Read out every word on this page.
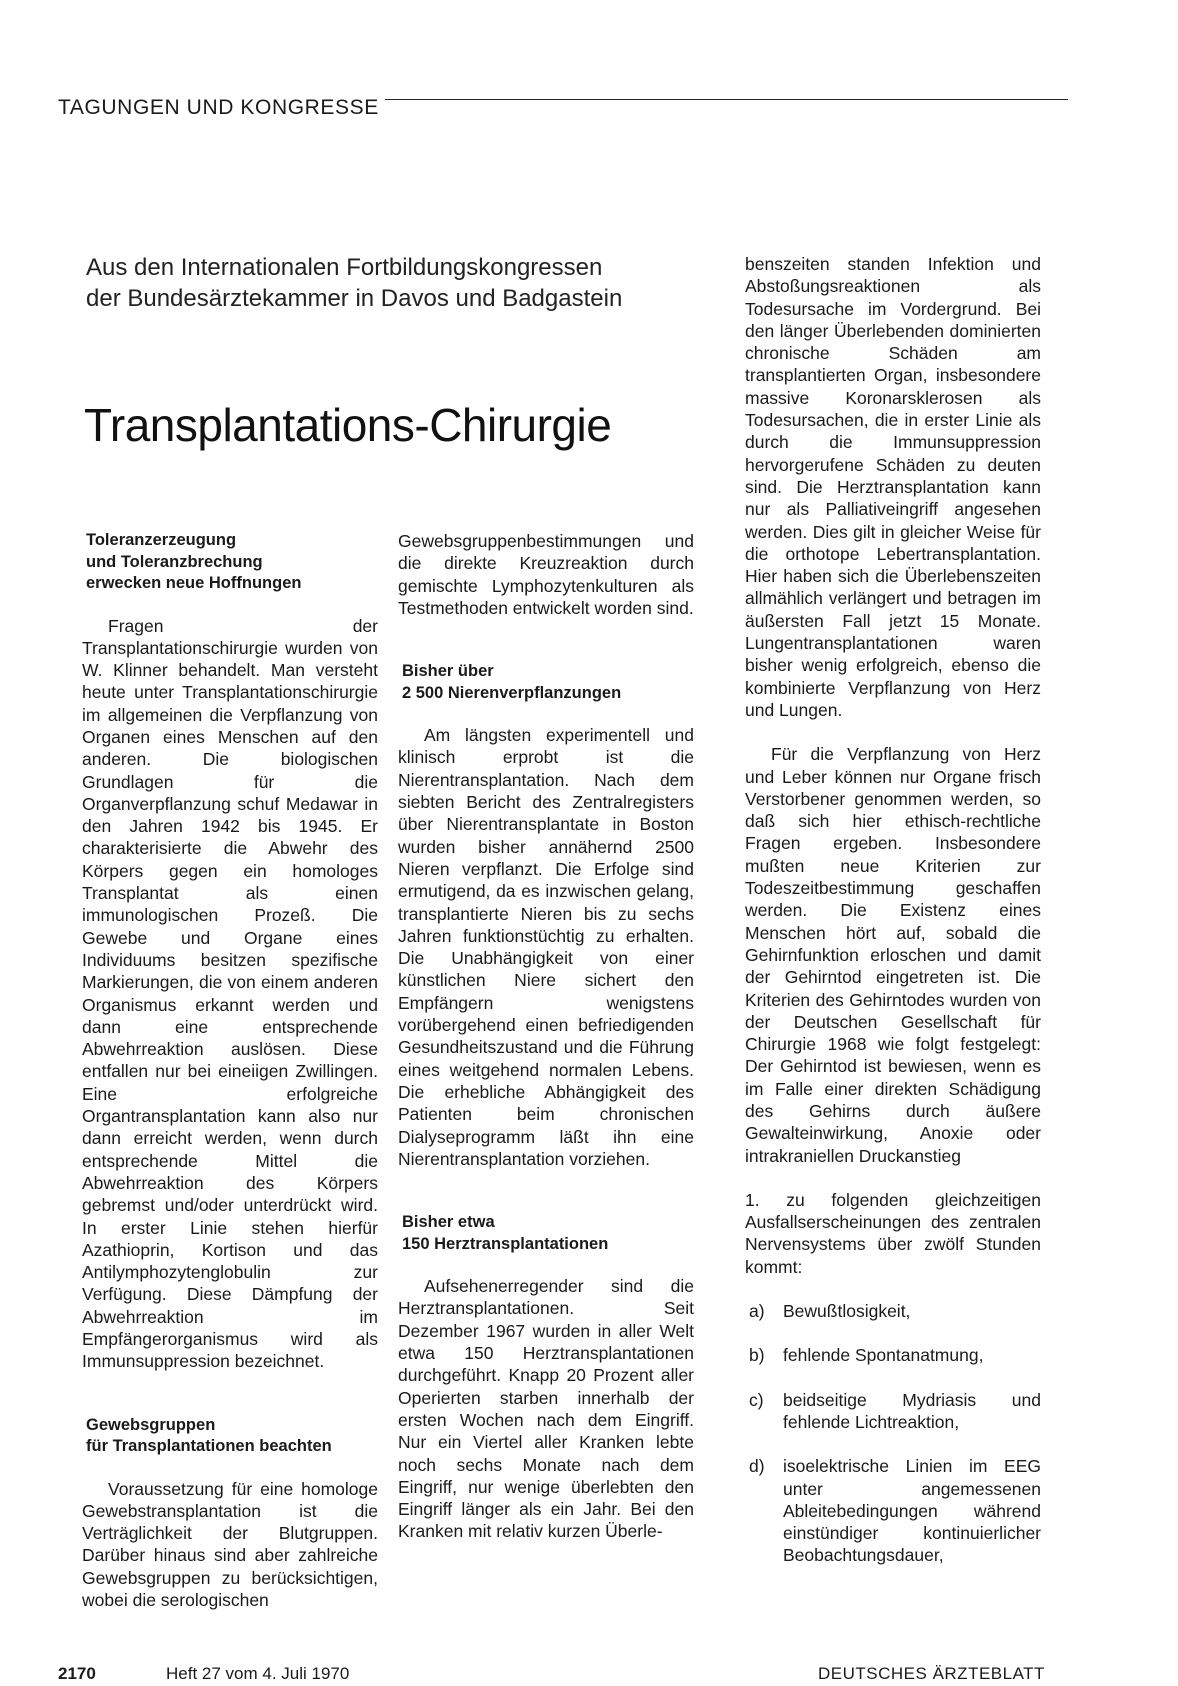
TAGUNGEN UND KONGRESSE
Aus den Internationalen Fortbildungskongressen
der Bundesärztekammer in Davos und Badgastein
Transplantations-Chirurgie
Toleranzerzeugung
und Toleranzbrechung
erwecken neue Hoffnungen

Fragen der Transplantationschirurgie wurden von W. Klinner behandelt. Man versteht heute unter Transplantationschirurgie im allgemeinen die Verpflanzung von Organen eines Menschen auf den anderen. Die biologischen Grundlagen für die Organverpflanzung schuf Medawar in den Jahren 1942 bis 1945. Er charakterisierte die Abwehr des Körpers gegen ein homologes Transplantat als einen immunologischen Prozeß. Die Gewebe und Organe eines Individuums besitzen spezifische Markierungen, die von einem anderen Organismus erkannt werden und dann eine entsprechende Abwehrreaktion auslösen. Diese entfallen nur bei eineiigen Zwillingen. Eine erfolgreiche Organtransplantation kann also nur dann erreicht werden, wenn durch entsprechende Mittel die Abwehrreaktion des Körpers gebremst und/oder unterdrückt wird. In erster Linie stehen hierfür Azathioprin, Kortison und das Antilymphozytenglobulin zur Verfügung. Diese Dämpfung der Abwehrreaktion im Empfängerorganismus wird als Immunsuppression bezeichnet.

Gewebsgruppen
für Transplantationen beachten

Voraussetzung für eine homologe Gewebstransplantation ist die Verträglichkeit der Blutgruppen. Darüber hinaus sind aber zahlreiche Gewebsgruppen zu berücksichtigen, wobei die serologischen

Gewebsgruppenbestimmungen und die direkte Kreuzreaktion durch gemischte Lymphozytenkulturen als Testmethoden entwickelt worden sind.

Bisher über
2 500 Nierenverpflanzungen

Am längsten experimentell und klinisch erprobt ist die Nierentransplantation. Nach dem siebten Bericht des Zentralregisters über Nierentransplantate in Boston wurden bisher annähernd 2500 Nieren verpflanzt. Die Erfolge sind ermutigend, da es inzwischen gelang, transplantierte Nieren bis zu sechs Jahren funktionstüchtig zu erhalten. Die Unabhängigkeit von einer künstlichen Niere sichert den Empfängern wenigstens vorübergehend einen befriedigenden Gesundheitszustand und die Führung eines weitgehend normalen Lebens. Die erhebliche Abhängigkeit des Patienten beim chronischen Dialyseprogramm läßt ihn eine Nierentransplantation vorziehen.

Bisher etwa
150 Herztransplantationen

Aufsehenerregender sind die Herztransplantationen. Seit Dezember 1967 wurden in aller Welt etwa 150 Herztransplantationen durchgeführt. Knapp 20 Prozent aller Operierten starben innerhalb der ersten Wochen nach dem Eingriff. Nur ein Viertel aller Kranken lebte noch sechs Monate nach dem Eingriff, nur wenige überlebten den Eingriff länger als ein Jahr. Bei den Kranken mit relativ kurzen Überle-

benszeiten standen Infektion und Abstoßungsreaktionen als Todesursache im Vordergrund. Bei den länger Überlebenden dominierten chronische Schäden am transplantierten Organ, insbesondere massive Koronarsklerosen als Todesursachen, die in erster Linie als durch die Immunsuppression hervorgerufene Schäden zu deuten sind. Die Herztransplantation kann nur als Palliativeingriff angesehen werden. Dies gilt in gleicher Weise für die orthotope Lebertransplantation. Hier haben sich die Überlebenszeiten allmählich verlängert und betragen im äußersten Fall jetzt 15 Monate. Lungentransplantationen waren bisher wenig erfolgreich, ebenso die kombinierte Verpflanzung von Herz und Lungen.

Für die Verpflanzung von Herz und Leber können nur Organe frisch Verstorbener genommen werden, so daß sich hier ethisch-rechtliche Fragen ergeben. Insbesondere mußten neue Kriterien zur Todeszeitbestimmung geschaffen werden. Die Existenz eines Menschen hört auf, sobald die Gehirnfunktion erloschen und damit der Gehirntod eingetreten ist. Die Kriterien des Gehirntodes wurden von der Deutschen Gesellschaft für Chirurgie 1968 wie folgt festgelegt: Der Gehirntod ist bewiesen, wenn es im Falle einer direkten Schädigung des Gehirns durch äußere Gewalteinwirkung, Anoxie oder intrakraniellen Druckanstieg

1. zu folgenden gleichzeitigen Ausfallserscheinungen des zentralen Nervensystems über zwölf Stunden kommt:

a)	Bewußtlosigkeit,
b)	fehlende Spontanatmung,
c)	beidseitige Mydriasis und fehlende Lichtreaktion,
d)	isoelektrische Linien im EEG unter angemessenen Ableitebedingungen während einstündiger kontinuierlicher Beobachtungsdauer,
2170	Heft 27 vom 4. Juli 1970	DEUTSCHES ÄRZTEBLATT
